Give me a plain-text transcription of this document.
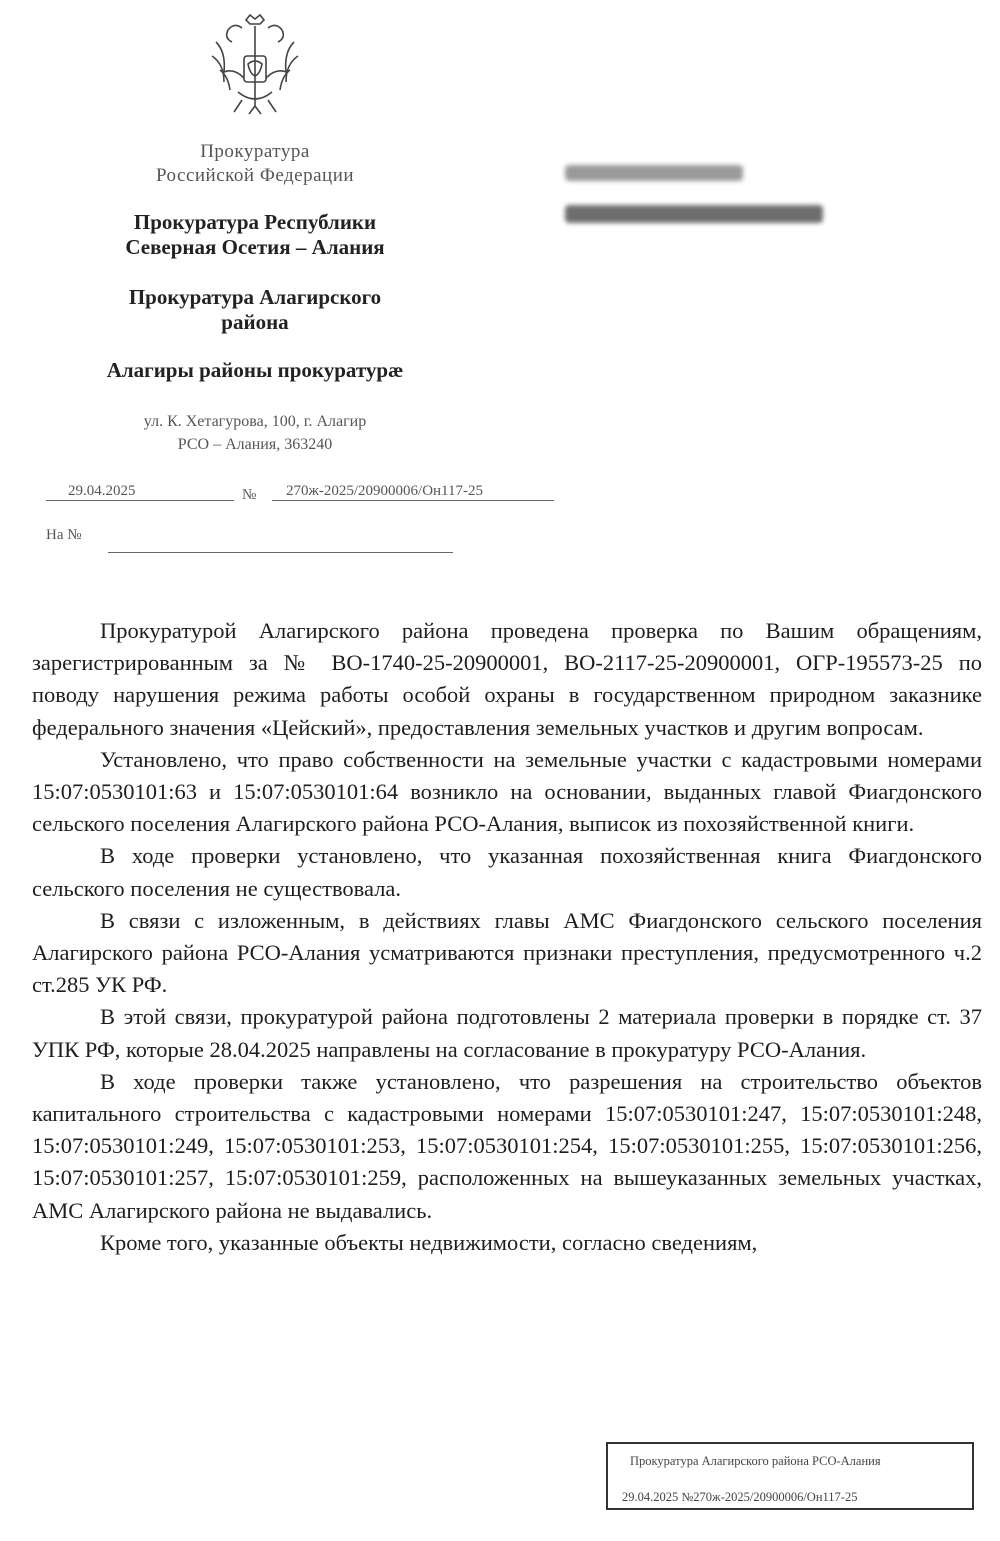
Прокуратура
Российской Федерации
Прокуратура Республики
Северная Осетия – Алания
Прокуратура Алагирского
района
Алагиры районы прокуратурæ
ул. К. Хетагурова, 100, г. Алагир
РСО – Алания, 363240
29.04.2025	№	270ж-2025/20900006/Он117-25
На №

Прокуратурой Алагирского района проведена проверка по Вашим обращениям, зарегистрированным за № ВО-1740-25-20900001, ВО-2117-25-20900001, ОГР-195573-25 по поводу нарушения режима работы особой охраны в государственном природном заказнике федерального значения «Цейский», предоставления земельных участков и другим вопросам.

Установлено, что право собственности на земельные участки с кадастровыми номерами 15:07:0530101:63 и 15:07:0530101:64 возникло на основании, выданных главой Фиагдонского сельского поселения Алагирского района РСО-Алания, выписок из похозяйственной книги.

В ходе проверки установлено, что указанная похозяйственная книга Фиагдонского сельского поселения не существовала.

В связи с изложенным, в действиях главы АМС Фиагдонского сельского поселения Алагирского района РСО-Алания усматриваются признаки преступления, предусмотренного ч.2 ст.285 УК РФ.

В этой связи, прокуратурой района подготовлены 2 материала проверки в порядке ст. 37 УПК РФ, которые 28.04.2025 направлены на согласование в прокуратуру РСО-Алания.

В ходе проверки также установлено, что разрешения на строительство объектов капитального строительства с кадастровыми номерами 15:07:0530101:247, 15:07:0530101:248, 15:07:0530101:249, 15:07:0530101:253, 15:07:0530101:254, 15:07:0530101:255, 15:07:0530101:256, 15:07:0530101:257, 15:07:0530101:259, расположенных на вышеуказанных земельных участках, АМС Алагирского района не выдавались.

Кроме того, указанные объекты недвижимости, согласно сведениям,

Прокуратура Алагирского района РСО-Алания
29.04.2025 №270ж-2025/20900006/Он117-25
